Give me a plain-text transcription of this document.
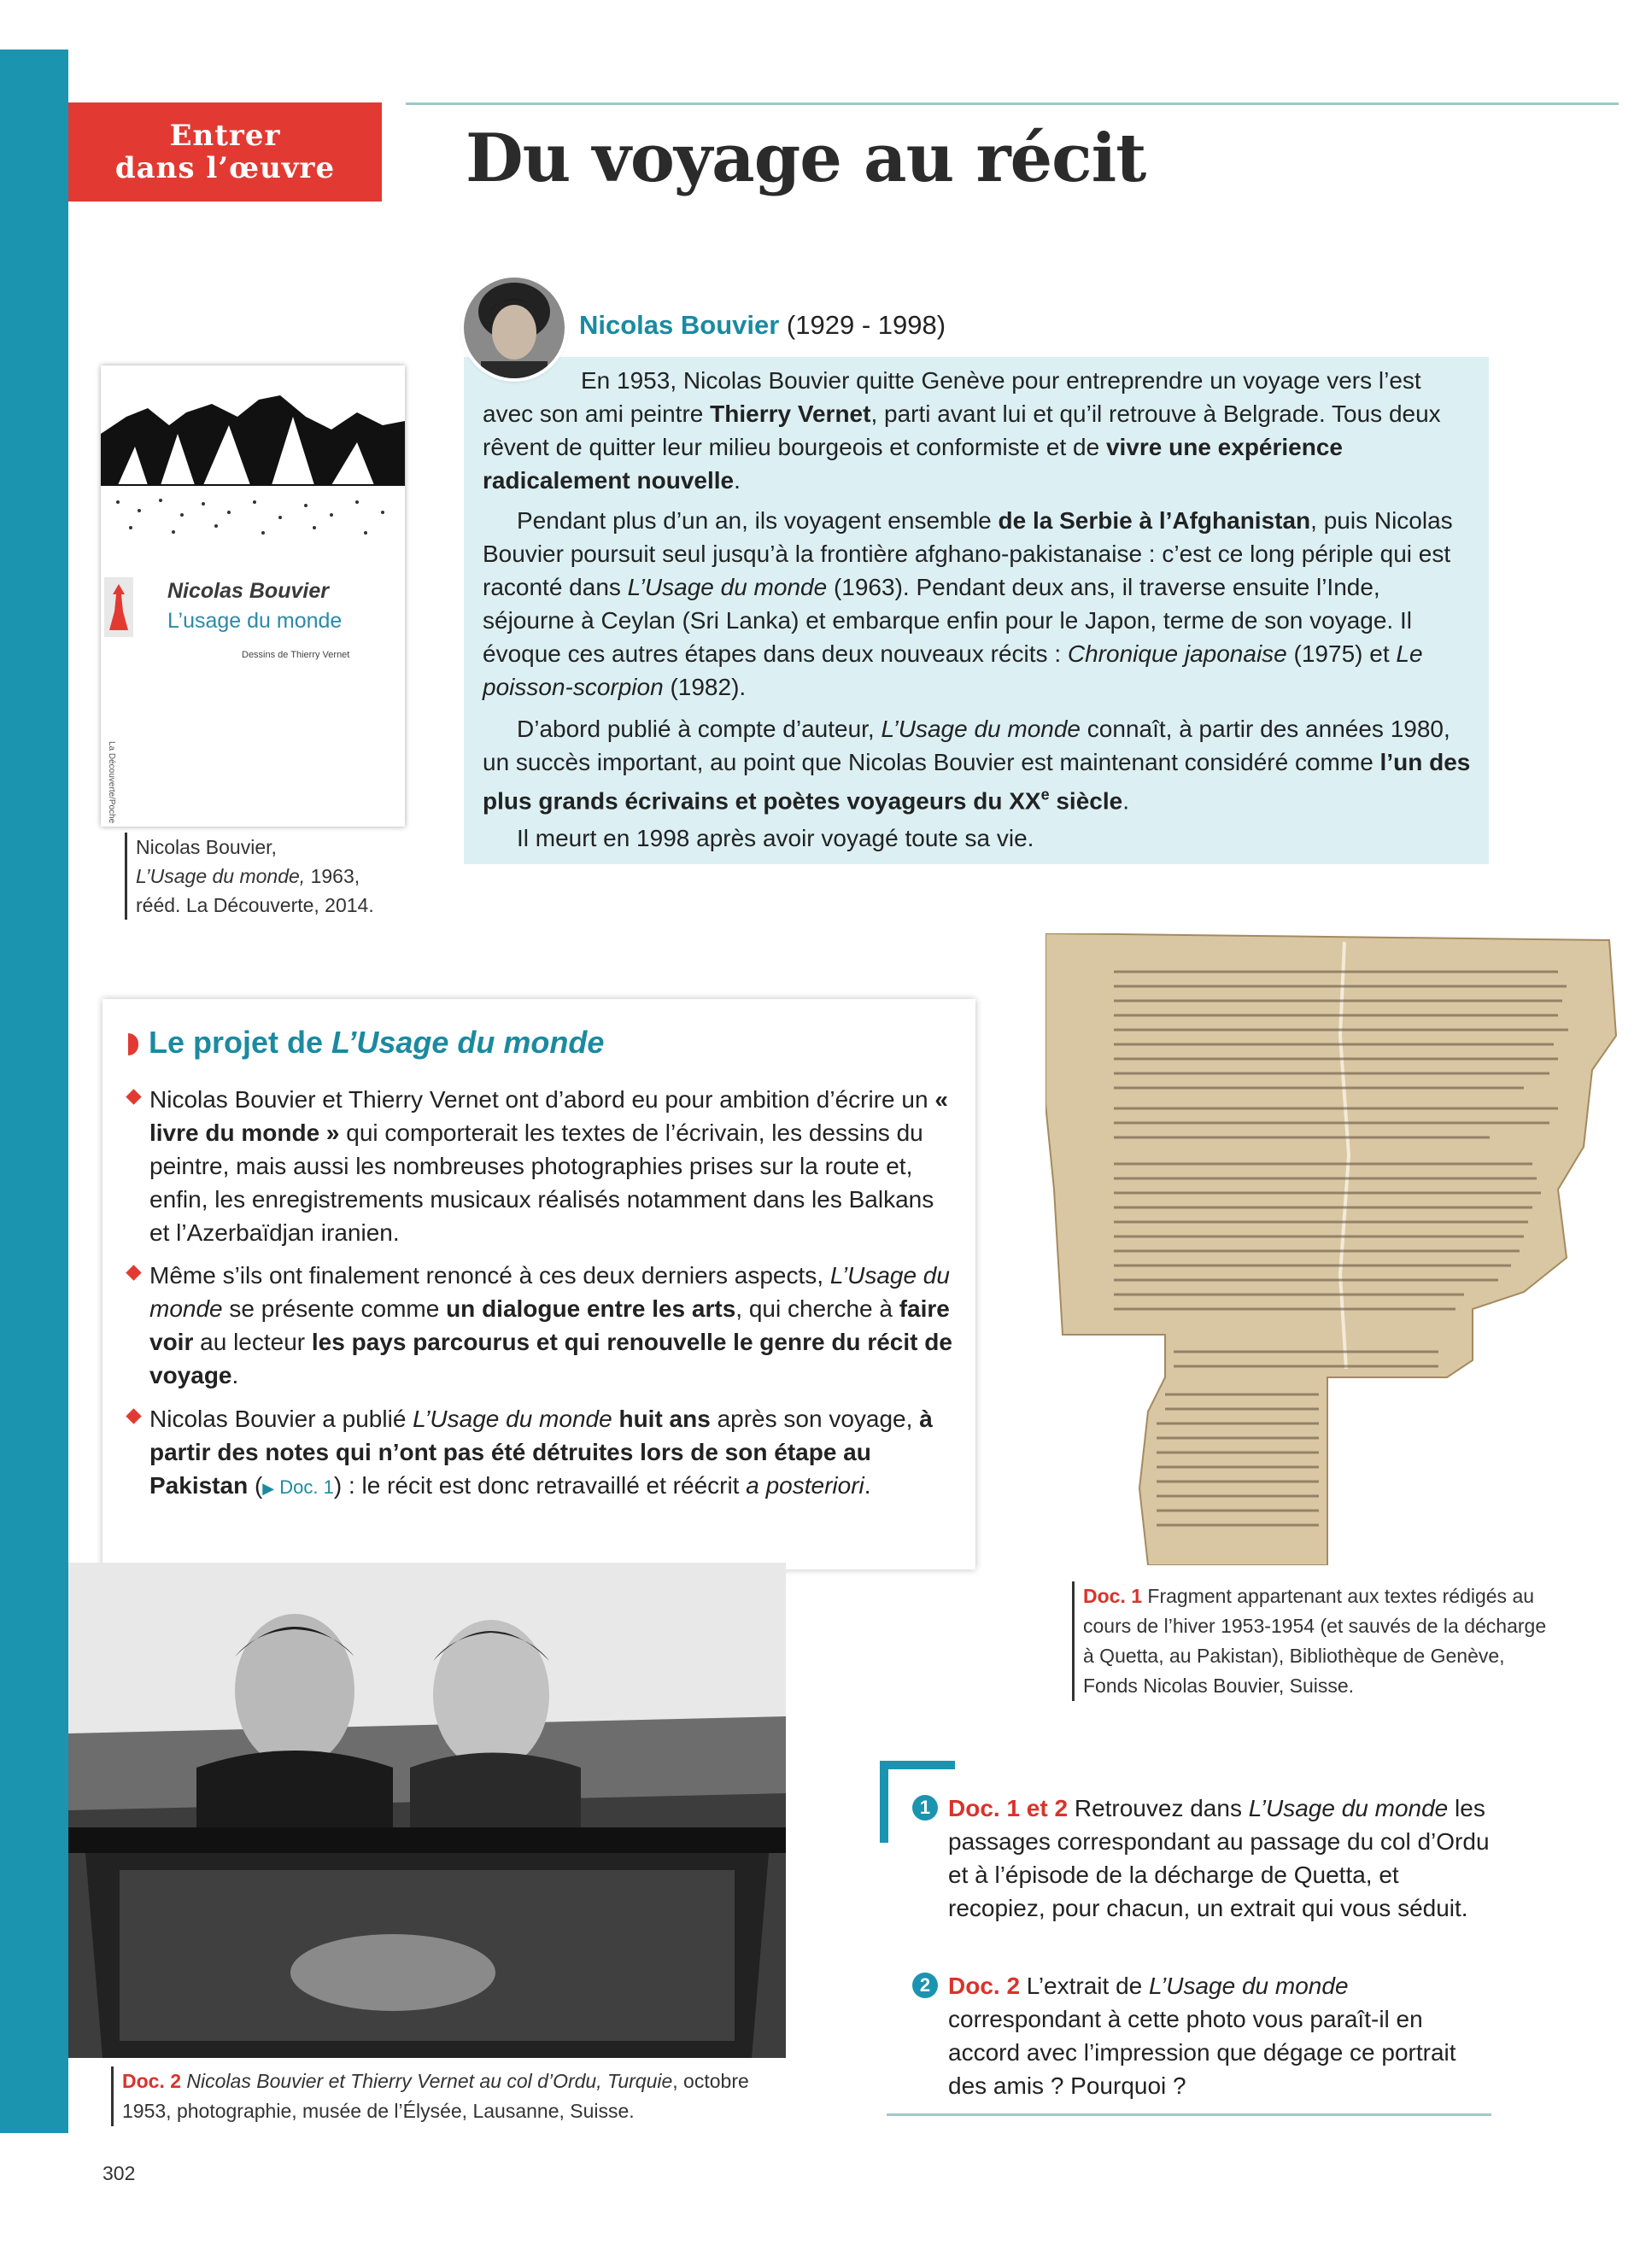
Entrer
dans l’œuvre	Du voyage au récit
Nicolas Bouvier
L’usage du monde
Dessins de Thierry Vernet
La Découverte/Poche
Nicolas Bouvier,
L’Usage du monde, 1963,
rééd. La Découverte, 2014.
Nicolas Bouvier (1929 - 1998)

En 1953, Nicolas Bouvier quitte Genève pour entreprendre un voyage vers l’est avec son ami peintre Thierry Vernet, parti avant lui et qu’il retrouve à Belgrade. Tous deux rêvent de quitter leur milieu bourgeois et conformiste et de vivre une expérience radicalement nouvelle.

Pendant plus d’un an, ils voyagent ensemble de la Serbie à l’Afghanistan, puis Nicolas Bouvier poursuit seul jusqu’à la frontière afghano-pakistanaise : c’est ce long périple qui est raconté dans L’Usage du monde (1963). Pendant deux ans, il traverse ensuite l’Inde, séjourne à Ceylan (Sri Lanka) et embarque enfin pour le Japon, terme de son voyage. Il évoque ces autres étapes dans deux nouveaux récits : Chronique japonaise (1975) et Le poisson-scorpion (1982).

D’abord publié à compte d’auteur, L’Usage du monde connaît, à partir des années 1980, un succès important, au point que Nicolas Bouvier est maintenant considéré comme l’un des plus grands écrivains et poètes voyageurs du XXe siècle.

Il meurt en 1998 après avoir voyagé toute sa vie.

Le projet de L’Usage du monde
Nicolas Bouvier et Thierry Vernet ont d’abord eu pour ambition d’écrire un « livre du monde » qui comporterait les textes de l’écrivain, les dessins du peintre, mais aussi les nombreuses photographies prises sur la route et, enfin, les enregistrements musicaux réalisés notamment dans les Balkans et l’Azerbaïdjan iranien.
Même s’ils ont finalement renoncé à ces deux derniers aspects, L’Usage du monde se présente comme un dialogue entre les arts, qui cherche à faire voir au lecteur les pays parcourus et qui renouvelle le genre du récit de voyage.
Nicolas Bouvier a publié L’Usage du monde huit ans après son voyage, à partir des notes qui n’ont pas été détruites lors de son étape au Pakistan (▶ Doc. 1) : le récit est donc retravaillé et réécrit a posteriori.
Doc. 1 Fragment appartenant aux textes rédigés au cours de l’hiver 1953-1954 (et sauvés de la décharge à Quetta, au Pakistan), Bibliothèque de Genève, Fonds Nicolas Bouvier, Suisse.
Doc. 2 Nicolas Bouvier et Thierry Vernet au col d’Ordu, Turquie, octobre 1953, photographie, musée de l’Élysée, Lausanne, Suisse.
1 Doc. 1 et 2 Retrouvez dans L’Usage du monde les passages correspondant au passage du col d’Ordu et à l’épisode de la décharge de Quetta, et recopiez, pour chacun, un extrait qui vous séduit.
2 Doc. 2 L’extrait de L’Usage du monde correspondant à cette photo vous paraît-il en accord avec l’impression que dégage ce portrait des amis ? Pourquoi ?
302
